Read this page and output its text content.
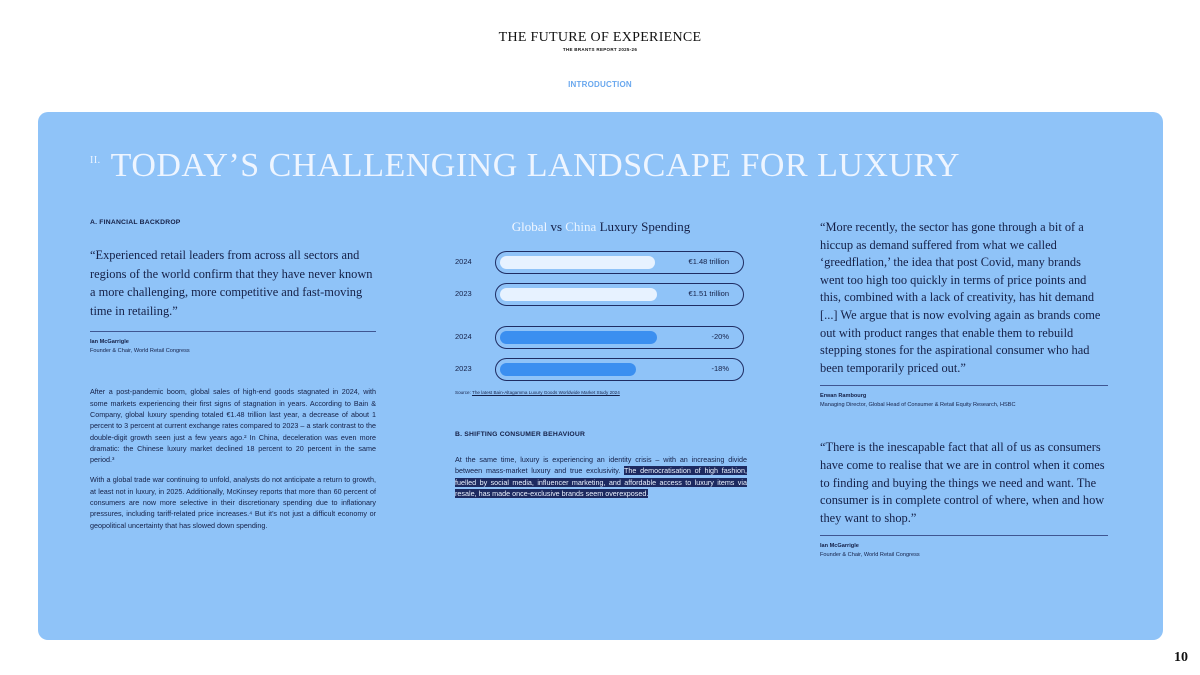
THE FUTURE OF EXPERIENCE
THE BRANTS REPORT 2025-26
INTRODUCTION
$^{II.}$ TODAY’S CHALLENGING LANDSCAPE FOR LUXURY
A. FINANCIAL BACKDROP
“Experienced retail leaders from across all sectors and regions of the world confirm that they have never known a more challenging, more competitive and fast-moving time in retailing.”
Ian McGarrigle
Founder & Chair, World Retail Congress

After a post-pandemic boom, global sales of high-end goods stagnated in 2024, with some markets experiencing their first signs of stagnation in years. According to Bain & Company, global luxury spending totaled €1.48 trillion last year, a decrease of about 1 percent to 3 percent at current exchange rates compared to 2023 – a stark contrast to the double-digit growth seen just a few years ago.² In China, deceleration was even more dramatic: the Chinese luxury market declined 18 percent to 20 percent in the same period.³

With a global trade war continuing to unfold, analysts do not anticipate a return to growth, at least not in luxury, in 2025. Additionally, McKinsey reports that more than 60 percent of consumers are now more selective in their discretionary spending due to inflationary pressures, including tariff-related price increases.⁴ But it’s not just a difficult economy or geopolitical uncertainty that has slowed down spending.

Global vs China Luxury Spending
2024	€1.48 trillion
2023	€1.51 trillion
2024	-20%
2023	-18%
Source: The latest Bain-Altagamma Luxury Goods Worldwide Market Study 2024
B. SHIFTING CONSUMER BEHAVIOUR

At the same time, luxury is experiencing an identity crisis – with an increasing divide between mass-market luxury and true exclusivity. The democratisation of high fashion, fuelled by social media, influencer marketing, and affordable access to luxury items via resale, has made once-exclusive brands seem overexposed.

“More recently, the sector has gone through a bit of a hiccup as demand suffered from what we called ‘greedflation,’ the idea that post Covid, many brands went too high too quickly in terms of price points and this, combined with a lack of creativity, has hit demand [...] We argue that is now evolving again as brands come out with product ranges that enable them to rebuild stepping stones for the aspirational consumer who had been temporarily priced out.”
Erwan Rambourg
Managing Director, Global Head of Consumer & Retail Equity Research, HSBC
“There is the inescapable fact that all of us as consumers have come to realise that we are in control when it comes to finding and buying the things we need and want. The consumer is in complete control of where, when and how they want to shop.”
Ian McGarrigle
Founder & Chair, World Retail Congress
10
